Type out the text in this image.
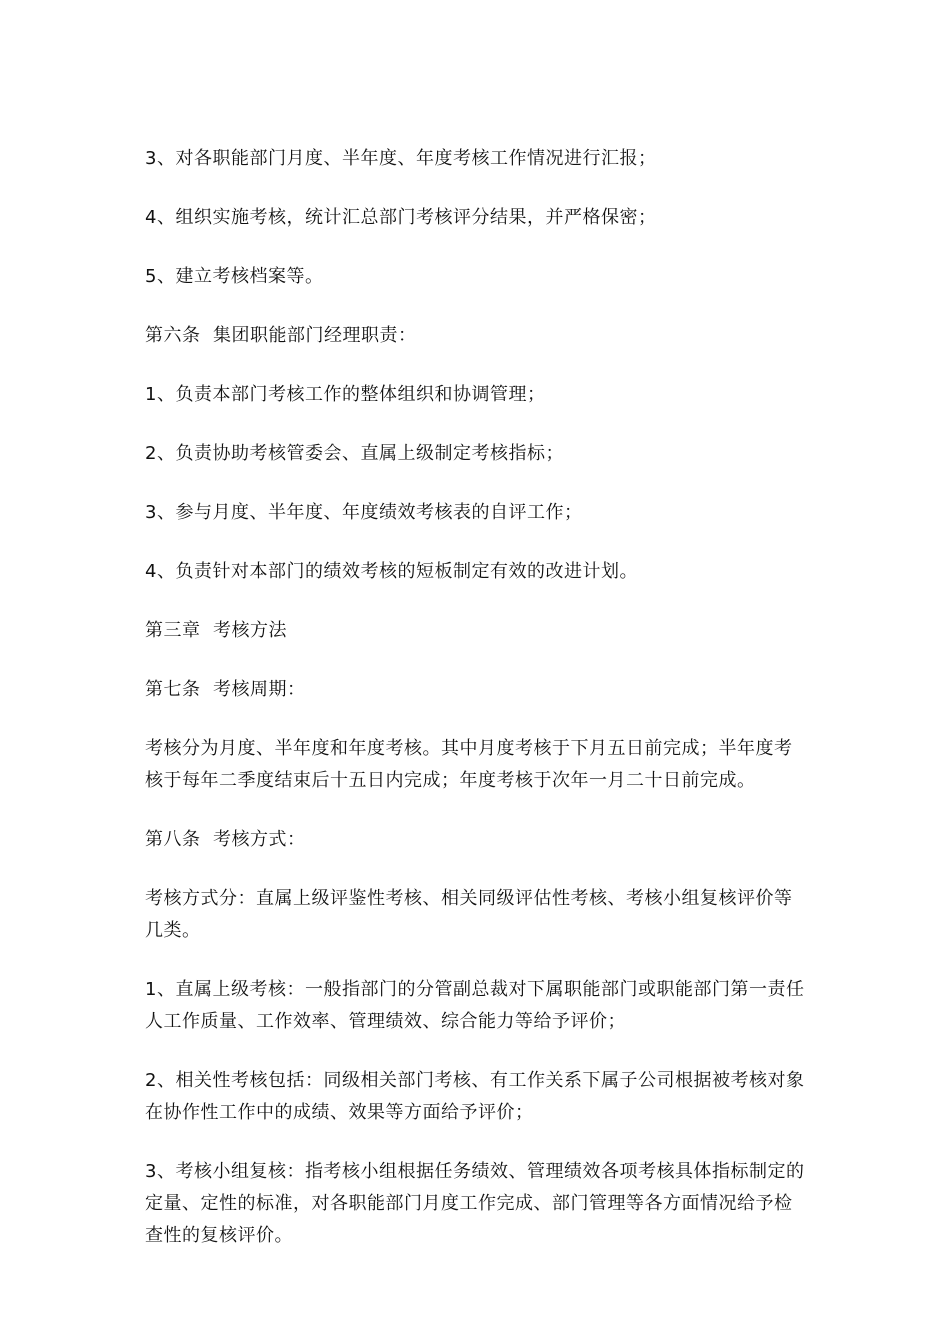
3、对各职能部门月度、半年度、年度考核工作情况进行汇报；

4、组织实施考核，统计汇总部门考核评分结果，并严格保密；

5、建立考核档案等。

第六条  集团职能部门经理职责：

1、负责本部门考核工作的整体组织和协调管理；

2、负责协助考核管委会、直属上级制定考核指标；

3、参与月度、半年度、年度绩效考核表的自评工作；

4、负责针对本部门的绩效考核的短板制定有效的改进计划。

第三章  考核方法

第七条  考核周期：

考核分为月度、半年度和年度考核。其中月度考核于下月五日前完成；半年度考核于每年二季度结束后十五日内完成；年度考核于次年一月二十日前完成。

第八条  考核方式：

考核方式分：直属上级评鉴性考核、相关同级评估性考核、考核小组复核评价等几类。

1、直属上级考核：一般指部门的分管副总裁对下属职能部门或职能部门第一责任人工作质量、工作效率、管理绩效、综合能力等给予评价；

2、相关性考核包括：同级相关部门考核、有工作关系下属子公司根据被考核对象在协作性工作中的成绩、效果等方面给予评价；

3、考核小组复核：指考核小组根据任务绩效、管理绩效各项考核具体指标制定的定量、定性的标准，对各职能部门月度工作完成、部门管理等各方面情况给予检查性的复核评价。
